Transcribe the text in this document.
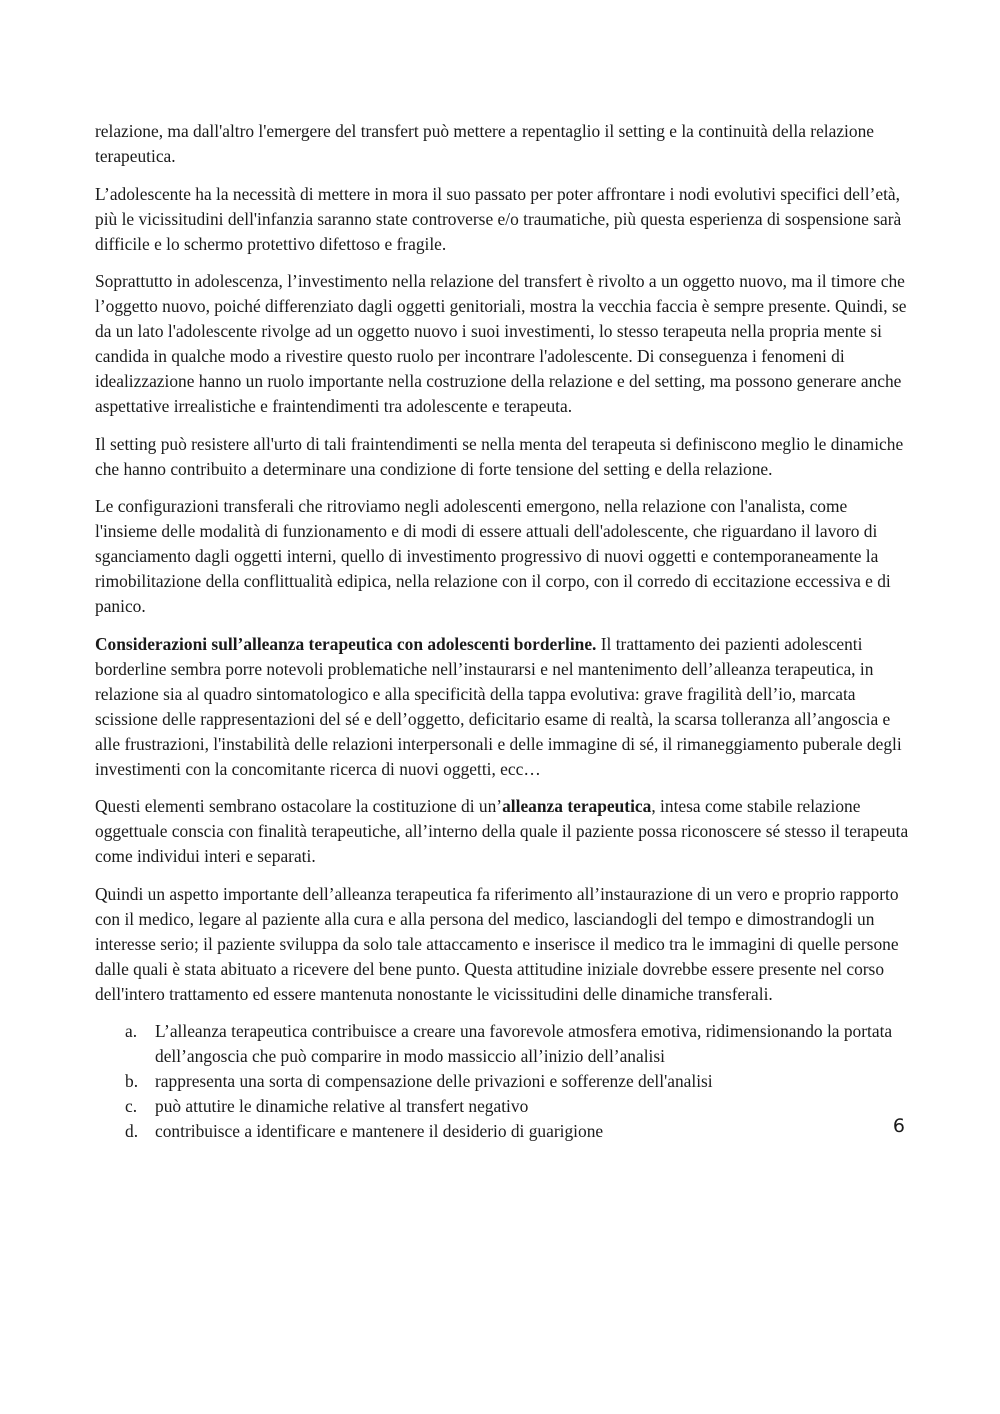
relazione, ma dall'altro l'emergere del transfert può mettere a repentaglio il setting e la continuità della relazione terapeutica.

L’adolescente ha la necessità di mettere in mora il suo passato per poter affrontare i nodi evolutivi specifici dell’età, più le vicissitudini dell'infanzia saranno state controverse e/o traumatiche, più questa esperienza di sospensione sarà difficile e lo schermo protettivo difettoso e fragile.

Soprattutto in adolescenza, l’investimento nella relazione del transfert è rivolto a un oggetto nuovo, ma il timore che l’oggetto nuovo, poiché differenziato dagli oggetti genitoriali, mostra la vecchia faccia è sempre presente. Quindi, se da un lato l'adolescente rivolge ad un oggetto nuovo i suoi investimenti, lo stesso terapeuta nella propria mente si candida in qualche modo a rivestire questo ruolo per incontrare l'adolescente. Di conseguenza i fenomeni di idealizzazione hanno un ruolo importante nella costruzione della relazione e del setting, ma possono generare anche aspettative irrealistiche e fraintendimenti tra adolescente e terapeuta.

Il setting può resistere all'urto di tali fraintendimenti se nella menta del terapeuta si definiscono meglio le dinamiche che hanno contribuito a determinare una condizione di forte tensione del setting e della relazione.

Le configurazioni transferali che ritroviamo negli adolescenti emergono, nella relazione con l'analista, come l'insieme delle modalità di funzionamento e di modi di essere attuali dell'adolescente, che riguardano il lavoro di sganciamento dagli oggetti interni, quello di investimento progressivo di nuovi oggetti e contemporaneamente la rimobilitazione della conflittualità edipica, nella relazione con il corpo, con il corredo di eccitazione eccessiva e di panico.

Considerazioni sull’alleanza terapeutica con adolescenti borderline. Il trattamento dei pazienti adolescenti borderline sembra porre notevoli problematiche nell’instaurarsi e nel mantenimento dell’alleanza terapeutica, in relazione sia al quadro sintomatologico e alla specificità della tappa evolutiva: grave fragilità dell’io, marcata scissione delle rappresentazioni del sé e dell’oggetto, deficitario esame di realtà, la scarsa tolleranza all’angoscia e alle frustrazioni, l'instabilità delle relazioni interpersonali e delle immagine di sé, il rimaneggiamento puberale degli investimenti con la concomitante ricerca di nuovi oggetti, ecc…

Questi elementi sembrano ostacolare la costituzione di un’alleanza terapeutica, intesa come stabile relazione oggettuale conscia con finalità terapeutiche, all’interno della quale il paziente possa riconoscere sé stesso il terapeuta come individui interi e separati.

Quindi un aspetto importante dell’alleanza terapeutica fa riferimento all’instaurazione di un vero e proprio rapporto con il medico, legare al paziente alla cura e alla persona del medico, lasciandogli del tempo e dimostrandogli un interesse serio; il paziente sviluppa da solo tale attaccamento e inserisce il medico tra le immagini di quelle persone dalle quali è stata abituato a ricevere del bene punto. Questa attitudine iniziale dovrebbe essere presente nel corso dell'intero trattamento ed essere mantenuta nonostante le vicissitudini delle dinamiche transferali.

a. L’alleanza terapeutica contribuisce a creare una favorevole atmosfera emotiva, ridimensionando la portata dell’angoscia che può comparire in modo massiccio all’inizio dell’analisi
b. rappresenta una sorta di compensazione delle privazioni e sofferenze dell'analisi
c. può attutire le dinamiche relative al transfert negativo
d. contribuisce a identificare e mantenere il desiderio di guarigione	6
